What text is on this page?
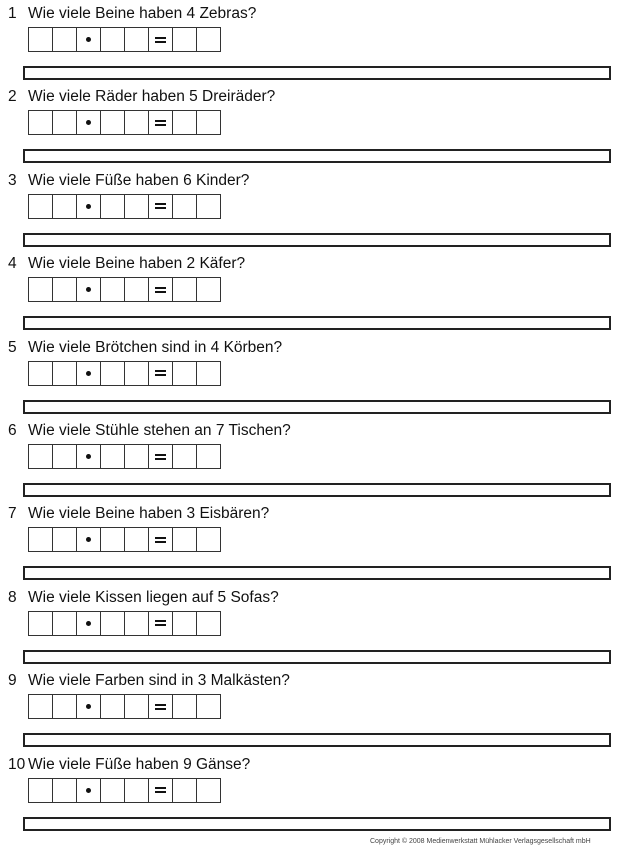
1 Wie viele Beine haben 4 Zebras?
2 Wie viele Räder haben 5 Dreiräder?
3 Wie viele Füße haben 6 Kinder?
4 Wie viele Beine haben 2 Käfer?
5 Wie viele Brötchen sind in 4 Körben?
6 Wie viele Stühle stehen an 7 Tischen?
7 Wie viele Beine haben 3 Eisbären?
8 Wie viele Kissen liegen auf 5 Sofas?
9 Wie viele Farben sind in 3 Malkästen?
10 Wie viele Füße haben 9 Gänse?
Copyright © 2008 Medienwerkstatt Mühlacker Verlagsgesellschaft mbH
